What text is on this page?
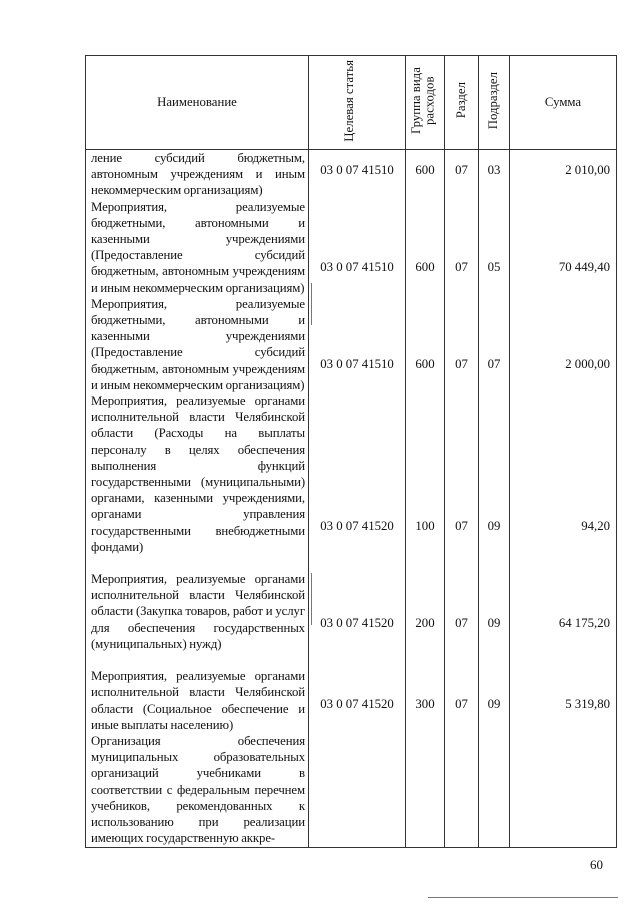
Наименование	Целевая статья	Группа вида расходов	Раздел	Подраздел	Сумма
ление субсидий бюджетным, автономным учреждениям и иным некоммерческим организациям)	03 0 07 41510	600	07	03	2 010,00
Мероприятия, реализуемые бюджетными, автономными и казенными учреждениями (Предоставление субсидий бюджетным, автономным учреждениям и иным некоммерческим организациям)	03 0 07 41510	600	07	05	70 449,40
Мероприятия, реализуемые бюджетными, автономными и казенными учреждениями (Предоставление субсидий бюджетным, автономным учреждениям и иным некоммерческим организациям)	03 0 07 41510	600	07	07	2 000,00
Мероприятия, реализуемые органами исполнительной власти Челябинской области (Расходы на выплаты персоналу в целях обеспечения выполнения функций государственными (муниципальными) органами, казенными учреждениями, органами управления государственными внебюджетными фондами)	03 0 07 41520	100	07	09	94,20
Мероприятия, реализуемые органами исполнительной власти Челябинской области (Закупка товаров, работ и услуг для обеспечения государственных (муниципальных) нужд)	03 0 07 41520	200	07	09	64 175,20
Мероприятия, реализуемые органами исполнительной власти Челябинской области (Социальное обеспечение и иные выплаты населению)	03 0 07 41520	300	07	09	5 319,80
Организация обеспечения муниципальных образовательных организаций учебниками в соответствии с федеральным перечнем учебников, рекомендованных к использованию при реализации имеющих государственную аккре-					
60
